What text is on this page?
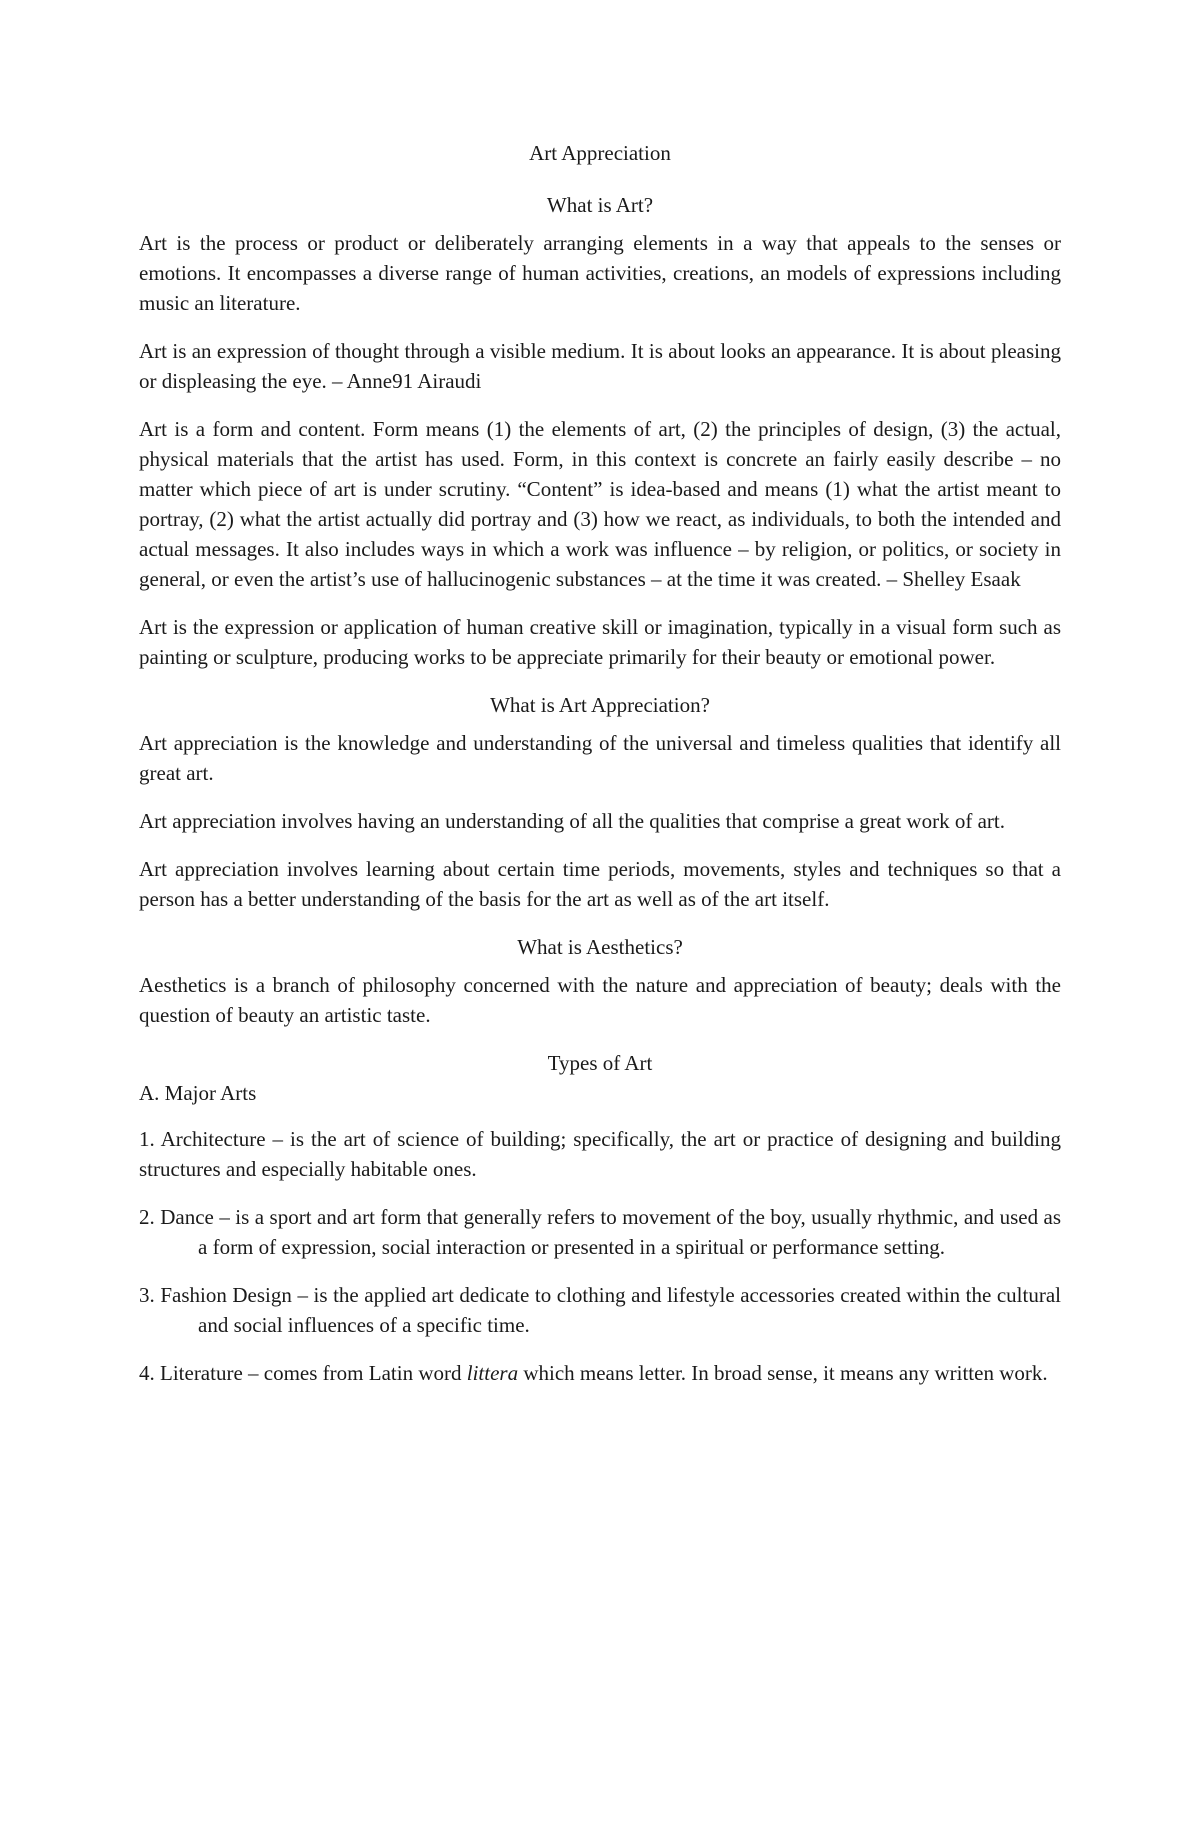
Art Appreciation
What is Art?

Art is the process or product or deliberately arranging elements in a way that appeals to the senses or emotions. It encompasses a diverse range of human activities, creations, an models of expressions including music an literature.

Art is an expression of thought through a visible medium. It is about looks an appearance. It is about pleasing or displeasing the eye. – Anne91 Airaudi

Art is a form and content. Form means (1) the elements of art, (2) the principles of design, (3) the actual, physical materials that the artist has used. Form, in this context is concrete an fairly easily describe – no matter which piece of art is under scrutiny. “Content” is idea-based and means (1) what the artist meant to portray, (2) what the artist actually did portray and (3) how we react, as individuals, to both the intended and actual messages. It also includes ways in which a work was influence – by religion, or politics, or society in general, or even the artist’s use of hallucinogenic substances – at the time it was created. – Shelley Esaak

Art is the expression or application of human creative skill or imagination, typically in a visual form such as painting or sculpture, producing works to be appreciate primarily for their beauty or emotional power.

What is Art Appreciation?

Art appreciation is the knowledge and understanding of the universal and timeless qualities that identify all great art.

Art appreciation involves having an understanding of all the qualities that comprise a great work of art.

Art appreciation involves learning about certain time periods, movements, styles and techniques so that a person has a better understanding of the basis for the art as well as of the art itself.

What is Aesthetics?

Aesthetics is a branch of philosophy concerned with the nature and appreciation of beauty; deals with the question of beauty an artistic taste.

Types of Art
A. Major Arts
1. Architecture – is the art of science of building; specifically, the art or practice of designing and building structures and especially habitable ones.
2. Dance – is a sport and art form that generally refers to movement of the boy, usually rhythmic, and used as a form of expression, social interaction or presented in a spiritual or performance setting.
3. Fashion Design – is the applied art dedicate to clothing and lifestyle accessories created within the cultural and social influences of a specific time.
4. Literature – comes from Latin word littera which means letter. In broad sense, it means any written work.
